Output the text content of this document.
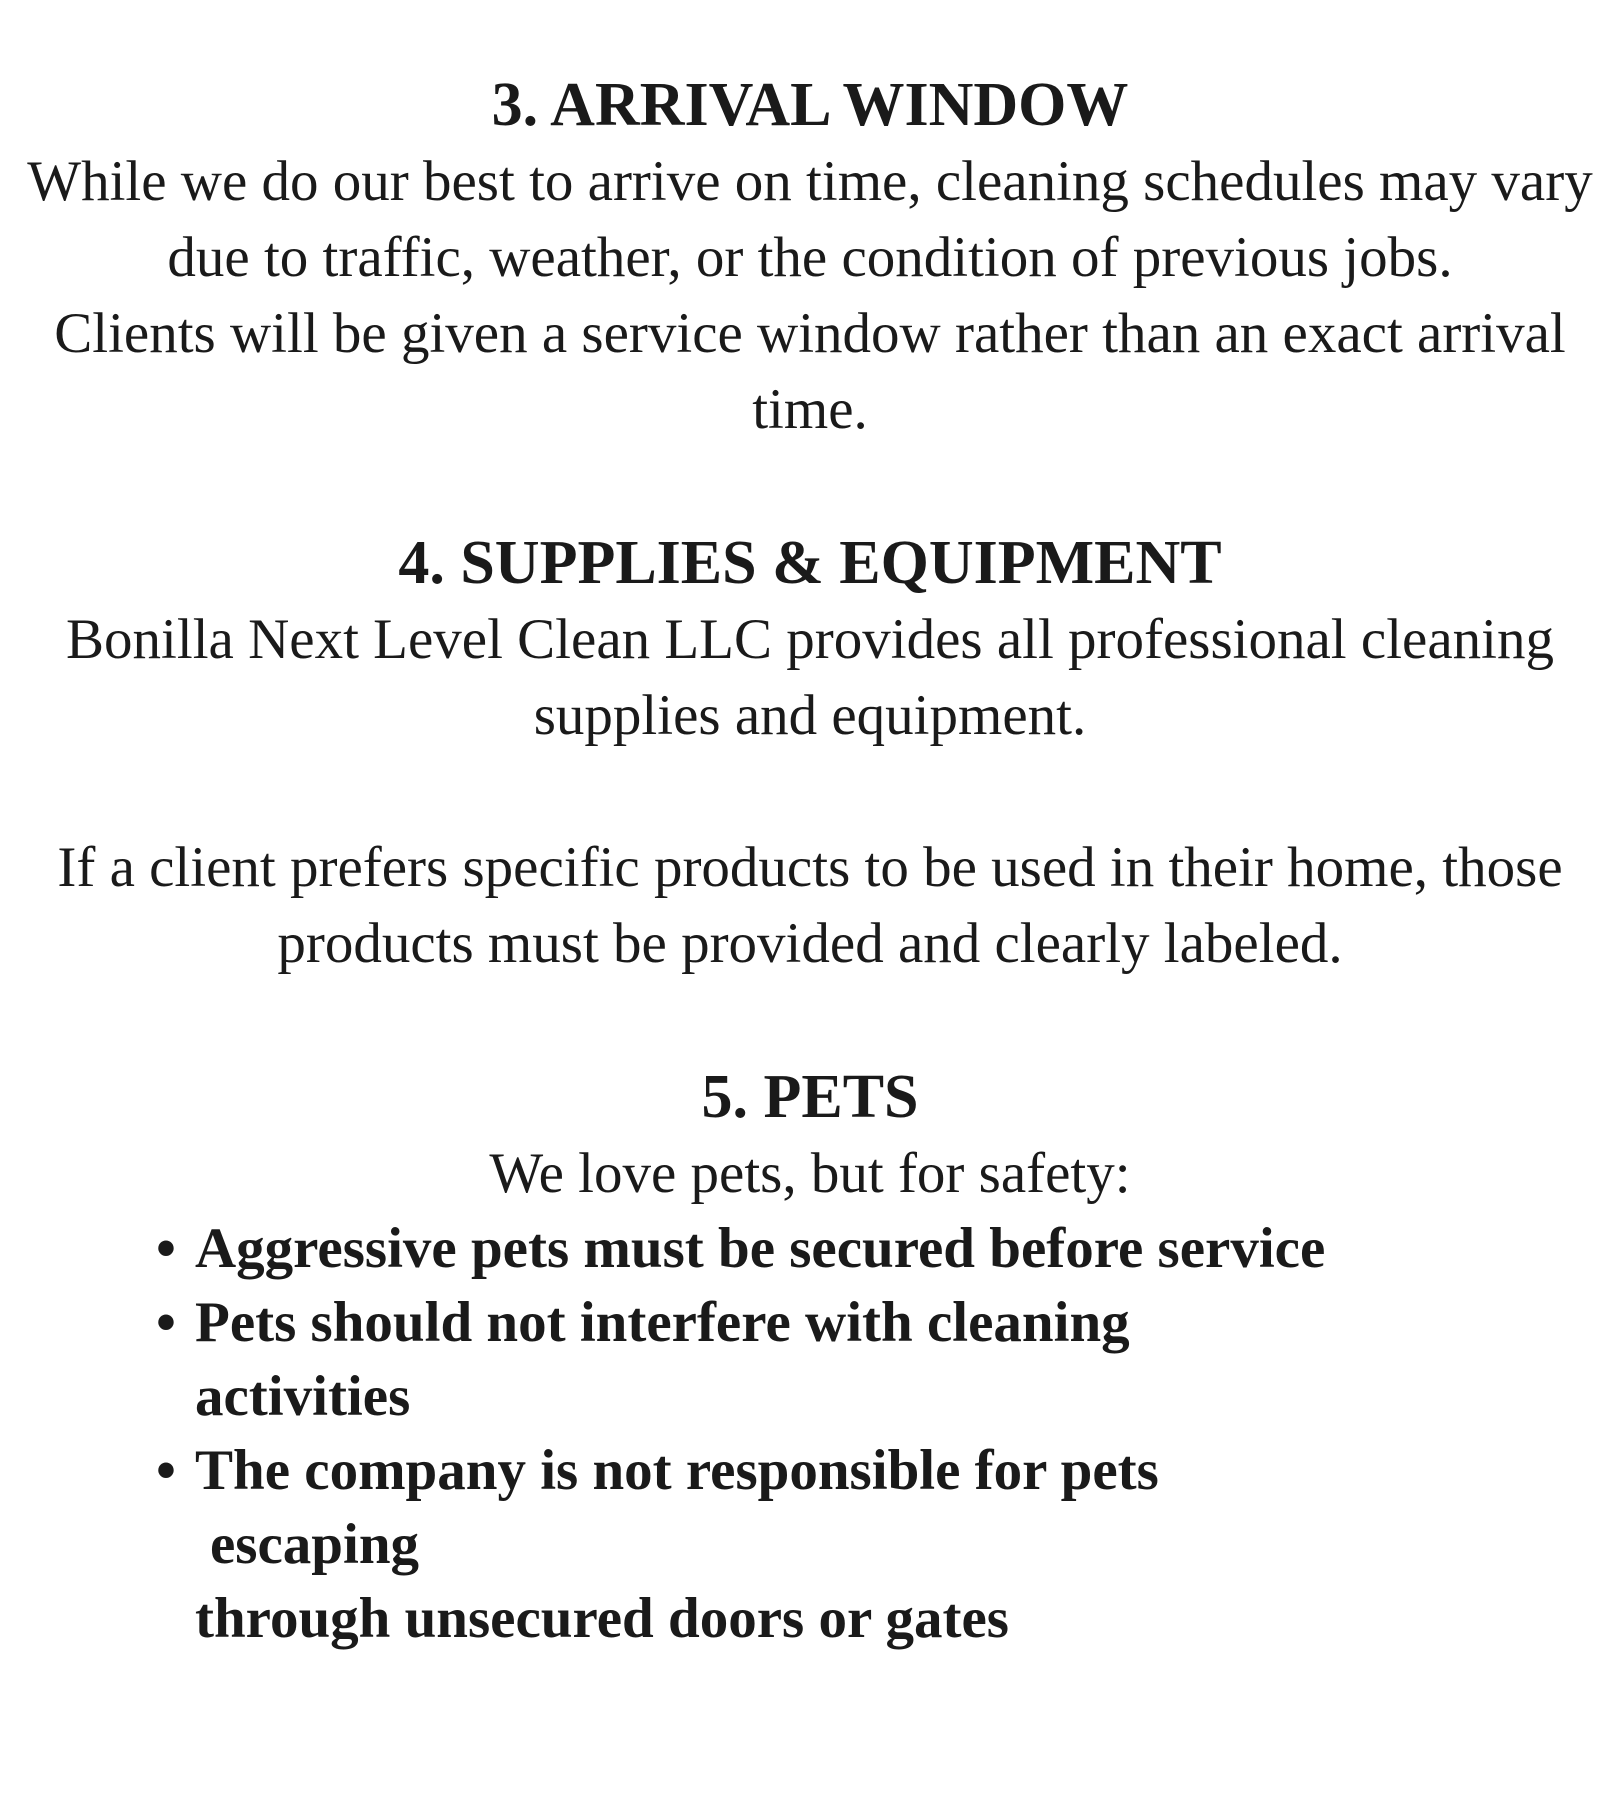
3. ARRIVAL WINDOW

While we do our best to arrive on time, cleaning schedules may vary due to traffic, weather, or the condition of previous jobs.

Clients will be given a service window rather than an exact arrival time.

4. SUPPLIES & EQUIPMENT

Bonilla Next Level Clean LLC provides all professional cleaning supplies and equipment.

If a client prefers specific products to be used in their home, those products must be provided and clearly labeled.

5. PETS

We love pets, but for safety:

• Aggressive pets must be secured before service
• Pets should not interfere with cleaning
activities
• The company is not responsible for pets
escaping
through unsecured doors or gates
